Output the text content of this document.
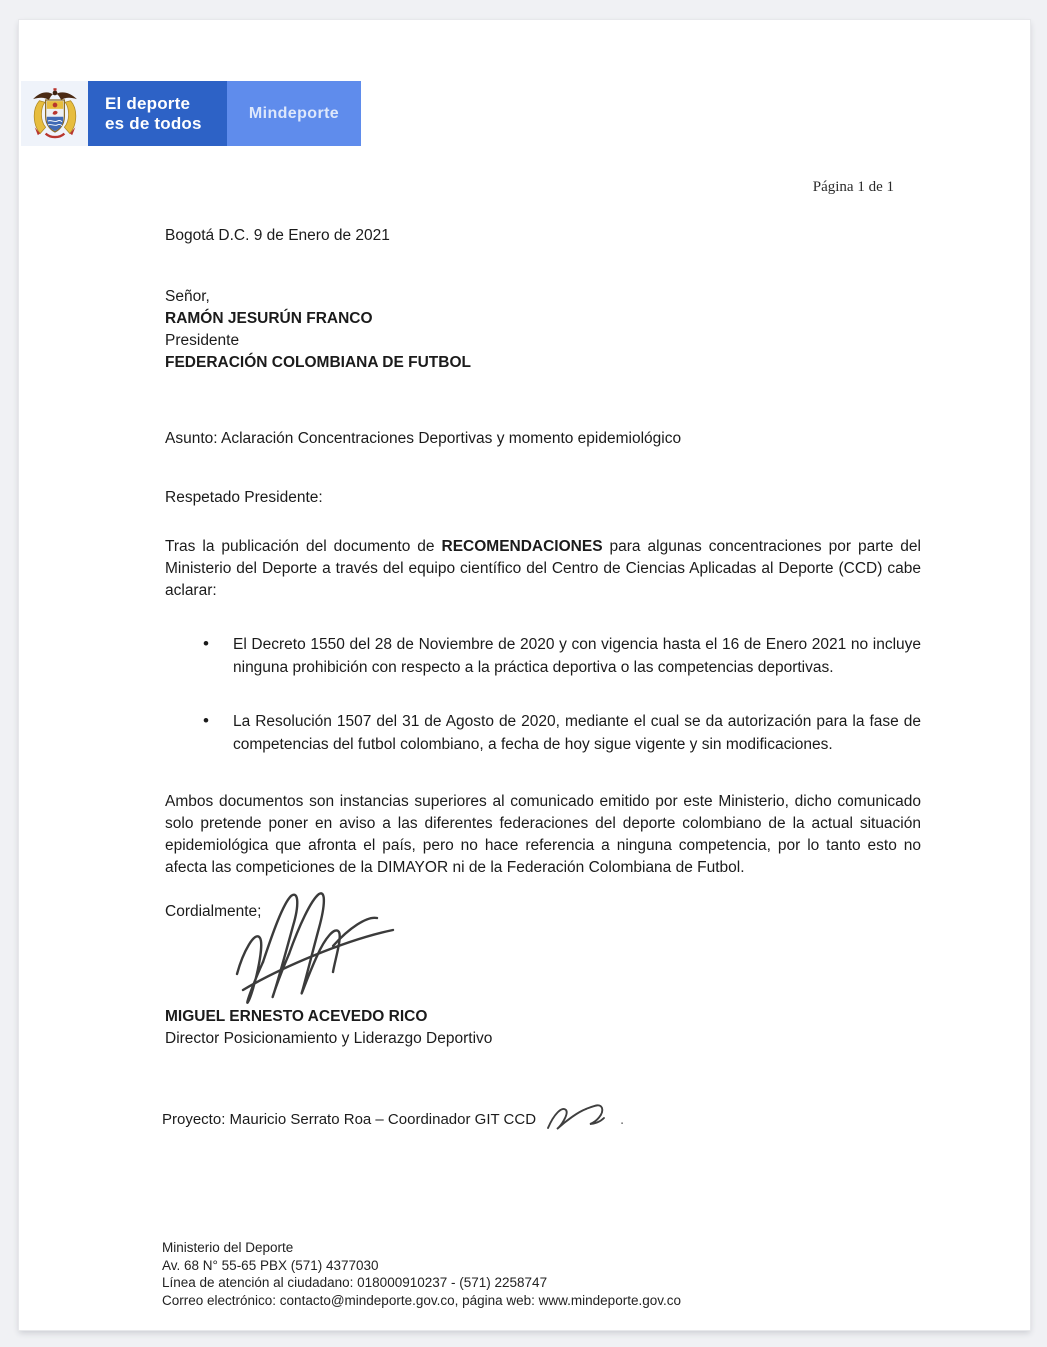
El deporte
es de todos
Mindeporte
Página 1 de 1
Bogotá D.C. 9 de Enero de 2021
Señor,
RAMÓN JESURÚN FRANCO
Presidente
FEDERACIÓN COLOMBIANA DE FUTBOL
Asunto: Aclaración Concentraciones Deportivas y momento epidemiológico
Respetado Presidente:
Tras la publicación del documento de RECOMENDACIONES para algunas concentraciones por parte del Ministerio del Deporte a través del equipo científico del Centro de Ciencias Aplicadas al Deporte (CCD) cabe aclarar:
• El Decreto 1550 del 28 de Noviembre de 2020 y con vigencia hasta el 16 de Enero 2021 no incluye ninguna prohibición con respecto a la práctica deportiva o las competencias deportivas.
• La Resolución 1507 del 31 de Agosto de 2020, mediante el cual se da autorización para la fase de competencias del futbol colombiano, a fecha de hoy sigue vigente y sin modificaciones.
Ambos documentos son instancias superiores al comunicado emitido por este Ministerio, dicho comunicado solo pretende poner en aviso a las diferentes federaciones del deporte colombiano de la actual situación epidemiológica que afronta el país, pero no hace referencia a ninguna competencia, por lo tanto esto no afecta las competiciones de la DIMAYOR ni de la Federación Colombiana de Futbol.
Cordialmente;
MIGUEL ERNESTO ACEVEDO RICO
Director Posicionamiento y Liderazgo Deportivo
Proyecto: Mauricio Serrato Roa – Coordinador GIT CCD	.
Ministerio del Deporte
Av. 68 N° 55-65 PBX (571) 4377030
Línea de atención al ciudadano: 018000910237 - (571) 2258747
Correo electrónico: contacto@mindeporte.gov.co, página web: www.mindeporte.gov.co
